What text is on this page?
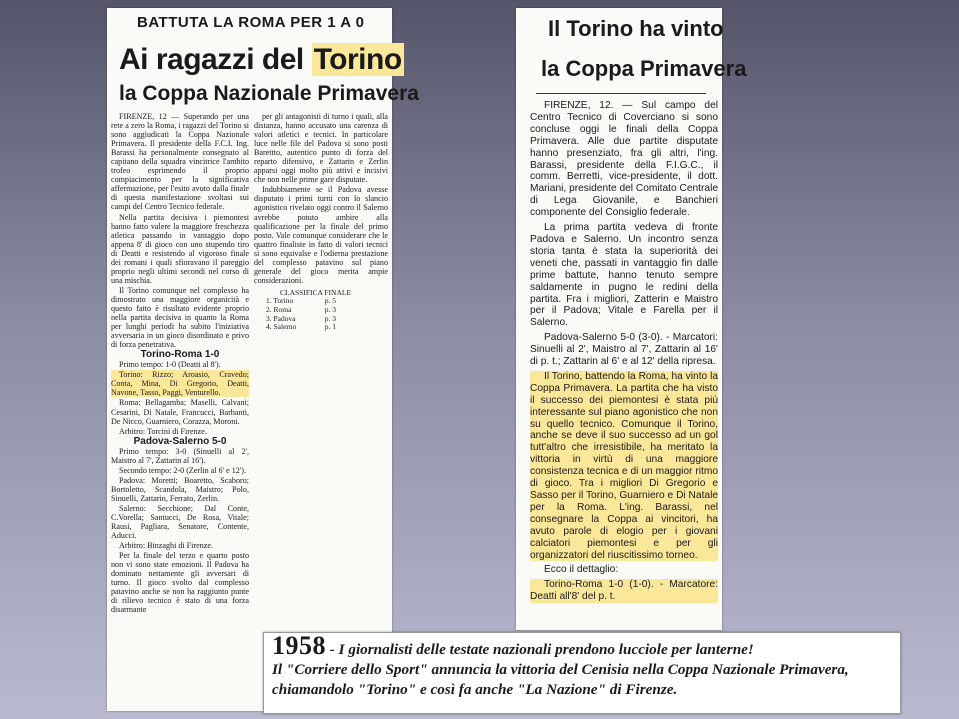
BATTUTA LA ROMA PER 1 A 0
Ai ragazzi del Torino
la Coppa Nazionale Primavera

FIRENZE, 12 — Superando per una rete a zero la Roma, i ragazzi del Torino si sono aggiudicati la Coppa Nazionale Primavera. Il presidente della F.C.I. Ing. Barassi ha personalmente consegnato al capitano della squadra vincitrice l'ambito trofeo esprimendo il proprio compiacimento per la significativa affermazione, per l'esito avuto dalla finale di questa manifestazione svoltasi sui campi del Centro Tecnico federale.

Nella partita decisiva i piemontesi hanno fatto valere la maggiore freschezza atletica passando in vantaggio dopo appena 8' di gioco con uno stupendo tiro di Deatti e resistendo al vigoroso finale dei romani i quali sfioravano il pareggio proprio negli ultimi secondi nel corso di una mischia.

Il Torino comunque nel complesso ha dimostrato una maggiore organicità e questo fatto è risultato evidente proprio nella partita decisiva in quanto la Roma per lunghi periodi ha subito l'iniziativa avversaria in un gioco disordinato e privo di forza penetrativa.

Torino-Roma 1-0

Primo tempo: 1-0 (Deatti al 8').

Torino: Rizzo; Aroasio, Cravedo; Conta, Mina, Di Gregorio, Deatti, Navone, Tasso, Paggi, Venturello.

Roma: Bellagamba; Maselli, Calvani; Cesarini, Di Natale, Francucci, Barbanti, De Nicco, Guarniero, Corazza, Moroni.

Arbitro: Torcini di Firenze.

Padova-Salerno 5-0

Primo tempo: 3-0 (Sinuelli al 2', Maistro al 7', Zattarin al 16').

Secondo tempo: 2-0 (Zerlin al 6' e 12').

Padova: Moretti; Boaretto, Scaboro; Bortoletto, Scandola, Maistro; Polo, Sinuelli, Zattarin, Ferrato, Zerlin.

Salerno: Secchione; Dal Conte, C.Vorella; Santucci, De Rosa, Vitale; Rausi, Pagliara, Senatore, Contente, Aducci.

Arbitro: Binzaghi di Firenze.

Per la finale del terzo e quarto posto non vi sono state emozioni. Il Padova ha dominato nettamente gli avversari di turno. Il gioco svolto dal complesso patavino anche se non ha raggiunto punte di rilievo tecnico è stato di una forza disarmante

per gli antagonisti di turno i quali, alla distanza, hanno accusato una carenza di valori atletici e tecnici. In particolare luce nelle file del Padova si sono posti Barettto, autentico punto di forza del reparto difensivo, e Zattarin e Zerlin apparsi oggi molto più attivi e incisivi che non nelle prime gare disputate.

Indubbiamente se il Padova avesse disputato i primi turni con lo slancio agonistico rivelato oggi contro il Salerno avrebbe potuto ambire alla qualificazione per la finale del primo posto. Vale comunque considerare che le quattro finaliste in fatto di valori tecnici si sono equivalse e l'odierna prestazione del complesso patavino sul piano generale del gioco merita ampie considerazioni.

CLASSIFICA FINALE
1. Torino	p. 5
2. Roma	p. 3
3. Padova	p. 3
4. Salerno	p. 1
Il Torino ha vinto
la Coppa Primavera

FIRENZE, 12. — Sul campo del Centro Tecnico di Coverciano si sono concluse oggi le finali della Coppa Primavera. Alle due partite disputate hanno presenziato, fra gli altri, l'ing. Barassi, presidente della F.I.G.C., il comm. Berretti, vice-presidente, il dott. Mariani, presidente del Comitato Centrale di Lega Giovanile, e Banchieri componente del Consiglio federale.

La prima partita vedeva di fronte Padova e Salerno. Un incontro senza storia tanta è stata la superiorità dei veneti che, passati in vantaggio fin dalle prime battute, hanno tenuto sempre saldamente in pugno le redini della partita. Fra i migliori, Zatterin e Maistro per il Padova; Vitale e Farella per il Salerno.

Padova-Salerno 5-0 (3-0). - Marcatori: Sinuelli al 2', Maistro al 7', Zattarin al 16' di p. t.; Zattarin al 6' e al 12' della ripresa.

Il Torino, battendo la Roma, ha vinto la Coppa Primavera. La partita che ha visto il successo dei piemontesi è stata più interessante sul piano agonistico che non su quello tecnico. Comunque il Torino, anche se deve il suo successo ad un gol tutt'altro che irresistibile, ha meritato la vittoria in virtù di una maggiore consistenza tecnica e di un maggior ritmo di gioco. Tra i migliori Di Gregorio e Sasso per il Torino, Guarniero e Di Natale per la Roma. L'ing. Barassi, nel consegnare la Coppa ai vincitori, ha avuto parole di elogio per i giovani calciatori piemontesi e per gli organizzatori del riuscitissimo torneo.

Ecco il dettaglio:

Torino-Roma 1-0 (1-0). - Marcatore: Deatti all'8' del p. t.

1958 - I giornalisti delle testate nazionali prendono lucciole per lanterne!
Il "Corriere dello Sport" annuncia la vittoria del Cenisia nella Coppa Nazionale Primavera, chiamandolo "Torino" e così fa anche "La Nazione" di Firenze.
